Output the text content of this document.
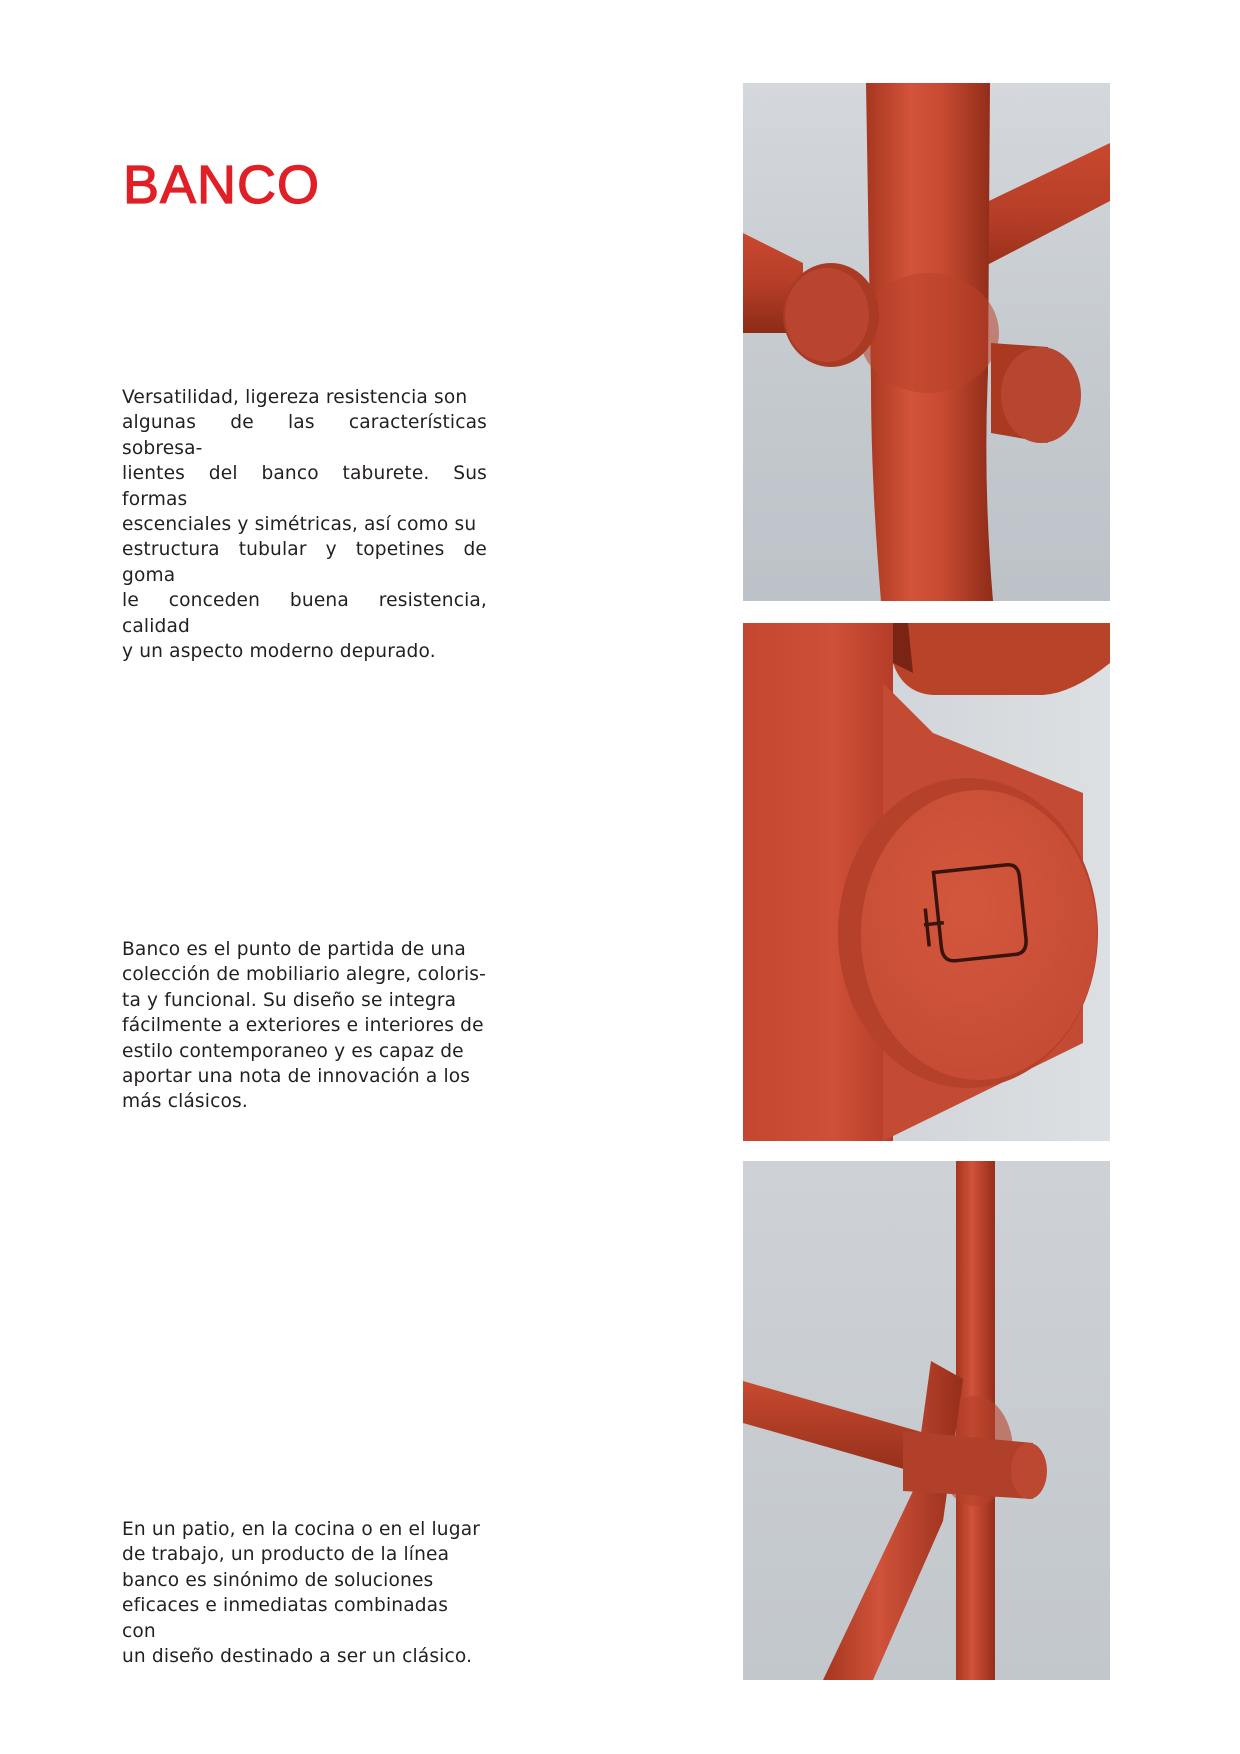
BANCO

Versatilidad, ligereza resistencia son
algunas de las características sobresa-
lientes del banco taburete. Sus formas
escenciales y simétricas, así como su
estructura tubular y topetines de goma
le conceden buena resistencia, calidad
y un aspecto moderno depurado.

Banco es el punto de partida de una
colección de mobiliario alegre, coloris-
ta y funcional. Su diseño se integra
fácilmente a exteriores e interiores de
estilo contemporaneo y es capaz de
aportar una nota de innovación a los
más clásicos.

En un patio, en la cocina o en el lugar
de trabajo, un producto de la línea
banco es sinónimo de soluciones
eficaces e inmediatas combinadas con
un diseño destinado a ser un clásico.
